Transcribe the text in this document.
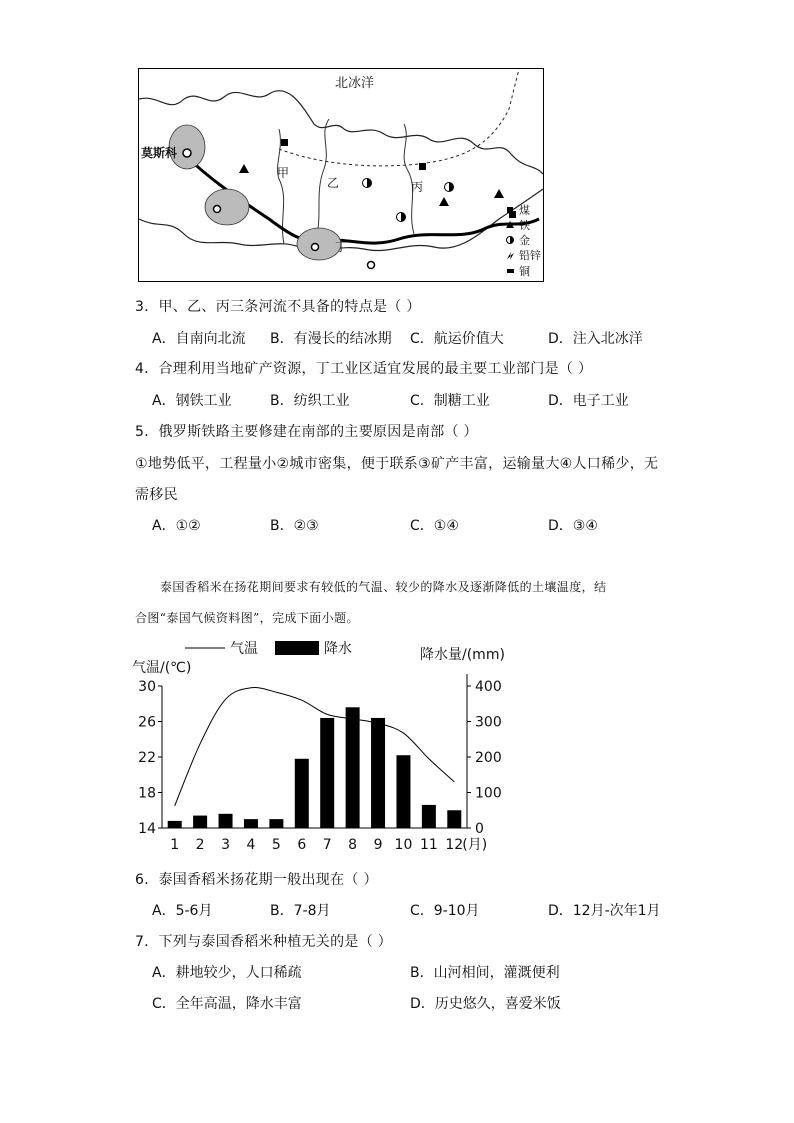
煤
铁
金
铅锌
铜
北冰洋
莫斯科
甲
乙	丙
丁
3．甲、乙、丙三条河流不具备的特点是（ ）
A．自南向北流 B．有漫长的结冰期 C．航运价值大	D．注入北冰洋
4．合理利用当地矿产资源，丁工业区适宜发展的最主要工业部门是（ ）
A．钢铁工业	B．纺织工业	C．制糖工业	D．电子工业
5．俄罗斯铁路主要修建在南部的主要原因是南部（ ）
①地势低平，工程量小②城市密集，便于联系③矿产丰富，运输量大④人口稀少，无
需移民
A．①②	B．②③	C．①④	D．③④
泰国香稻米在扬花期间要求有较低的气温、较少的降水及逐渐降低的土壤温度，结
合图“泰国气候资料图”，完成下面小题。
气温	降水
气温/(℃)
降水量/(mm)
30
26
22
18
14
400
300
200
100
0
1 2 3 4 5 6 7 8 9 10 11 12 (月)
6．泰国香稻米扬花期一般出现在（ ）
A．5-6月	B．7-8月	C．9-10月	D．12月-次年1月
7．下列与泰国香稻米种植无关的是（ ）
A．耕地较少，人口稀疏	B．山河相间，灌溉便利
C．全年高温，降水丰富	D．历史悠久，喜爱米饭
